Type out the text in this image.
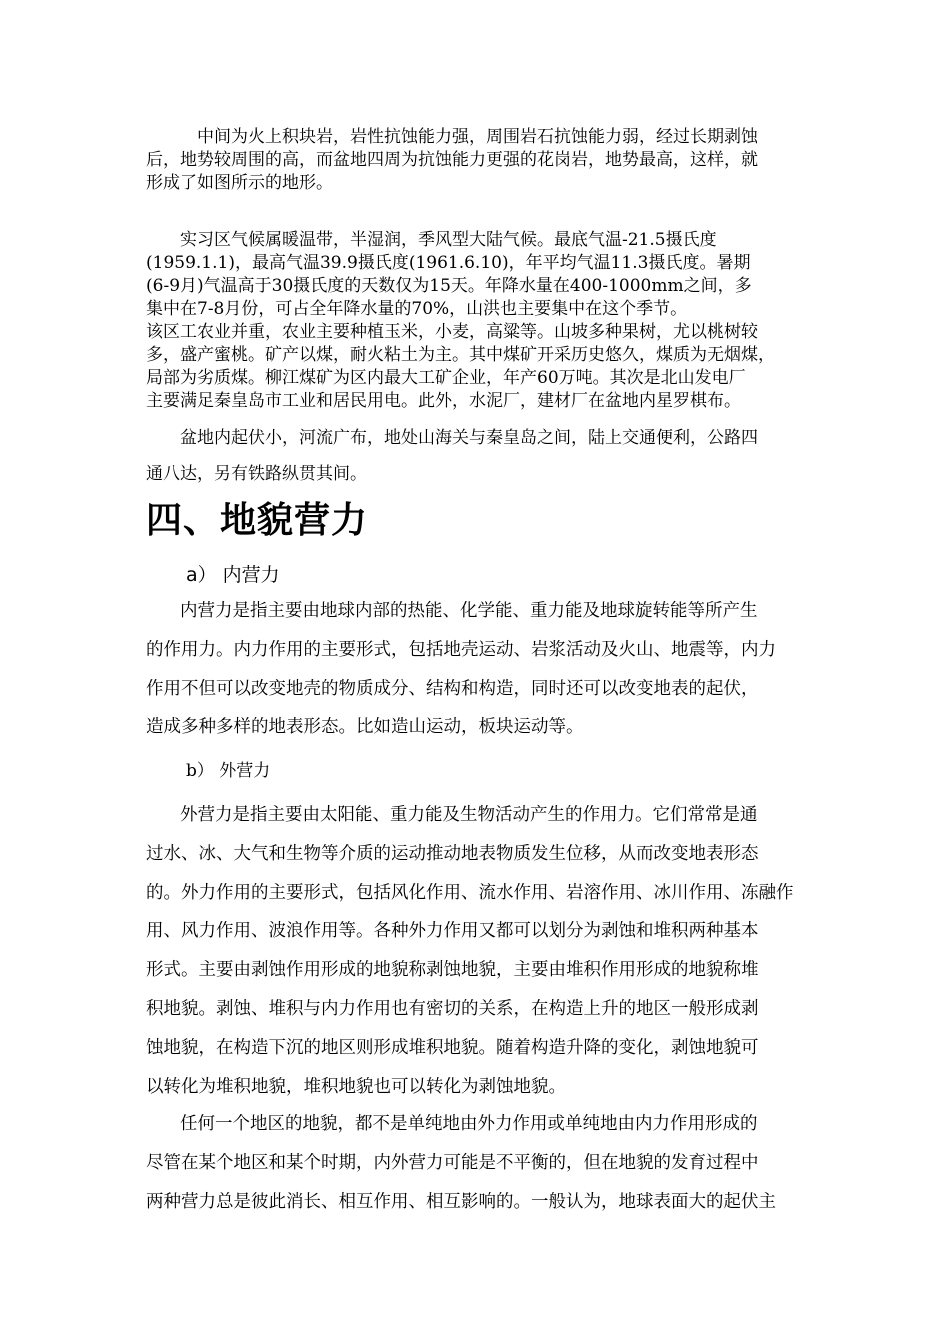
　中间为火上积块岩，岩性抗蚀能力强，周围岩石抗蚀能力弱，经过长期剥蚀
后，地势较周围的高，而盆地四周为抗蚀能力更强的花岗岩，地势最高，这样，就
形成了如图所示的地形。
实习区气候属暖温带，半湿润，季风型大陆气候。最底气温-21.5摄氏度
(1959.1.1)，最高气温39.9摄氏度(1961.6.10)，年平均气温11.3摄氏度。暑期
(6-9月)气温高于30摄氏度的天数仅为15天。年降水量在400-1000mm之间，多
集中在7-8月份，可占全年降水量的70%，山洪也主要集中在这个季节。
该区工农业并重，农业主要种植玉米，小麦，高粱等。山坡多种果树，尤以桃树较
多，盛产蜜桃。矿产以煤，耐火粘土为主。其中煤矿开采历史悠久，煤质为无烟煤，
局部为劣质煤。柳江煤矿为区内最大工矿企业，年产60万吨。其次是北山发电厂
主要满足秦皇岛市工业和居民用电。此外，水泥厂，建材厂在盆地内星罗棋布。
盆地内起伏小，河流广布，地处山海关与秦皇岛之间，陆上交通便利，公路四
通八达，另有铁路纵贯其间。
四、地貌营力

a） 内营力

内营力是指主要由地球内部的热能、化学能、重力能及地球旋转能等所产生
的作用力。内力作用的主要形式，包括地壳运动、岩浆活动及火山、地震等，内力
作用不但可以改变地壳的物质成分、结构和构造，同时还可以改变地表的起伏，
造成多种多样的地表形态。比如造山运动，板块运动等。

b） 外营力

外营力是指主要由太阳能、重力能及生物活动产生的作用力。它们常常是通
过水、冰、大气和生物等介质的运动推动地表物质发生位移，从而改变地表形态
的。外力作用的主要形式，包括风化作用、流水作用、岩溶作用、冰川作用、冻融作
用、风力作用、波浪作用等。各种外力作用又都可以划分为剥蚀和堆积两种基本
形式。主要由剥蚀作用形成的地貌称剥蚀地貌，主要由堆积作用形成的地貌称堆
积地貌。剥蚀、堆积与内力作用也有密切的关系，在构造上升的地区一般形成剥
蚀地貌，在构造下沉的地区则形成堆积地貌。随着构造升降的变化，剥蚀地貌可
以转化为堆积地貌，堆积地貌也可以转化为剥蚀地貌。
任何一个地区的地貌，都不是单纯地由外力作用或单纯地由内力作用形成的
尽管在某个地区和某个时期，内外营力可能是不平衡的，但在地貌的发育过程中
两种营力总是彼此消长、相互作用、相互影响的。一般认为，地球表面大的起伏主
